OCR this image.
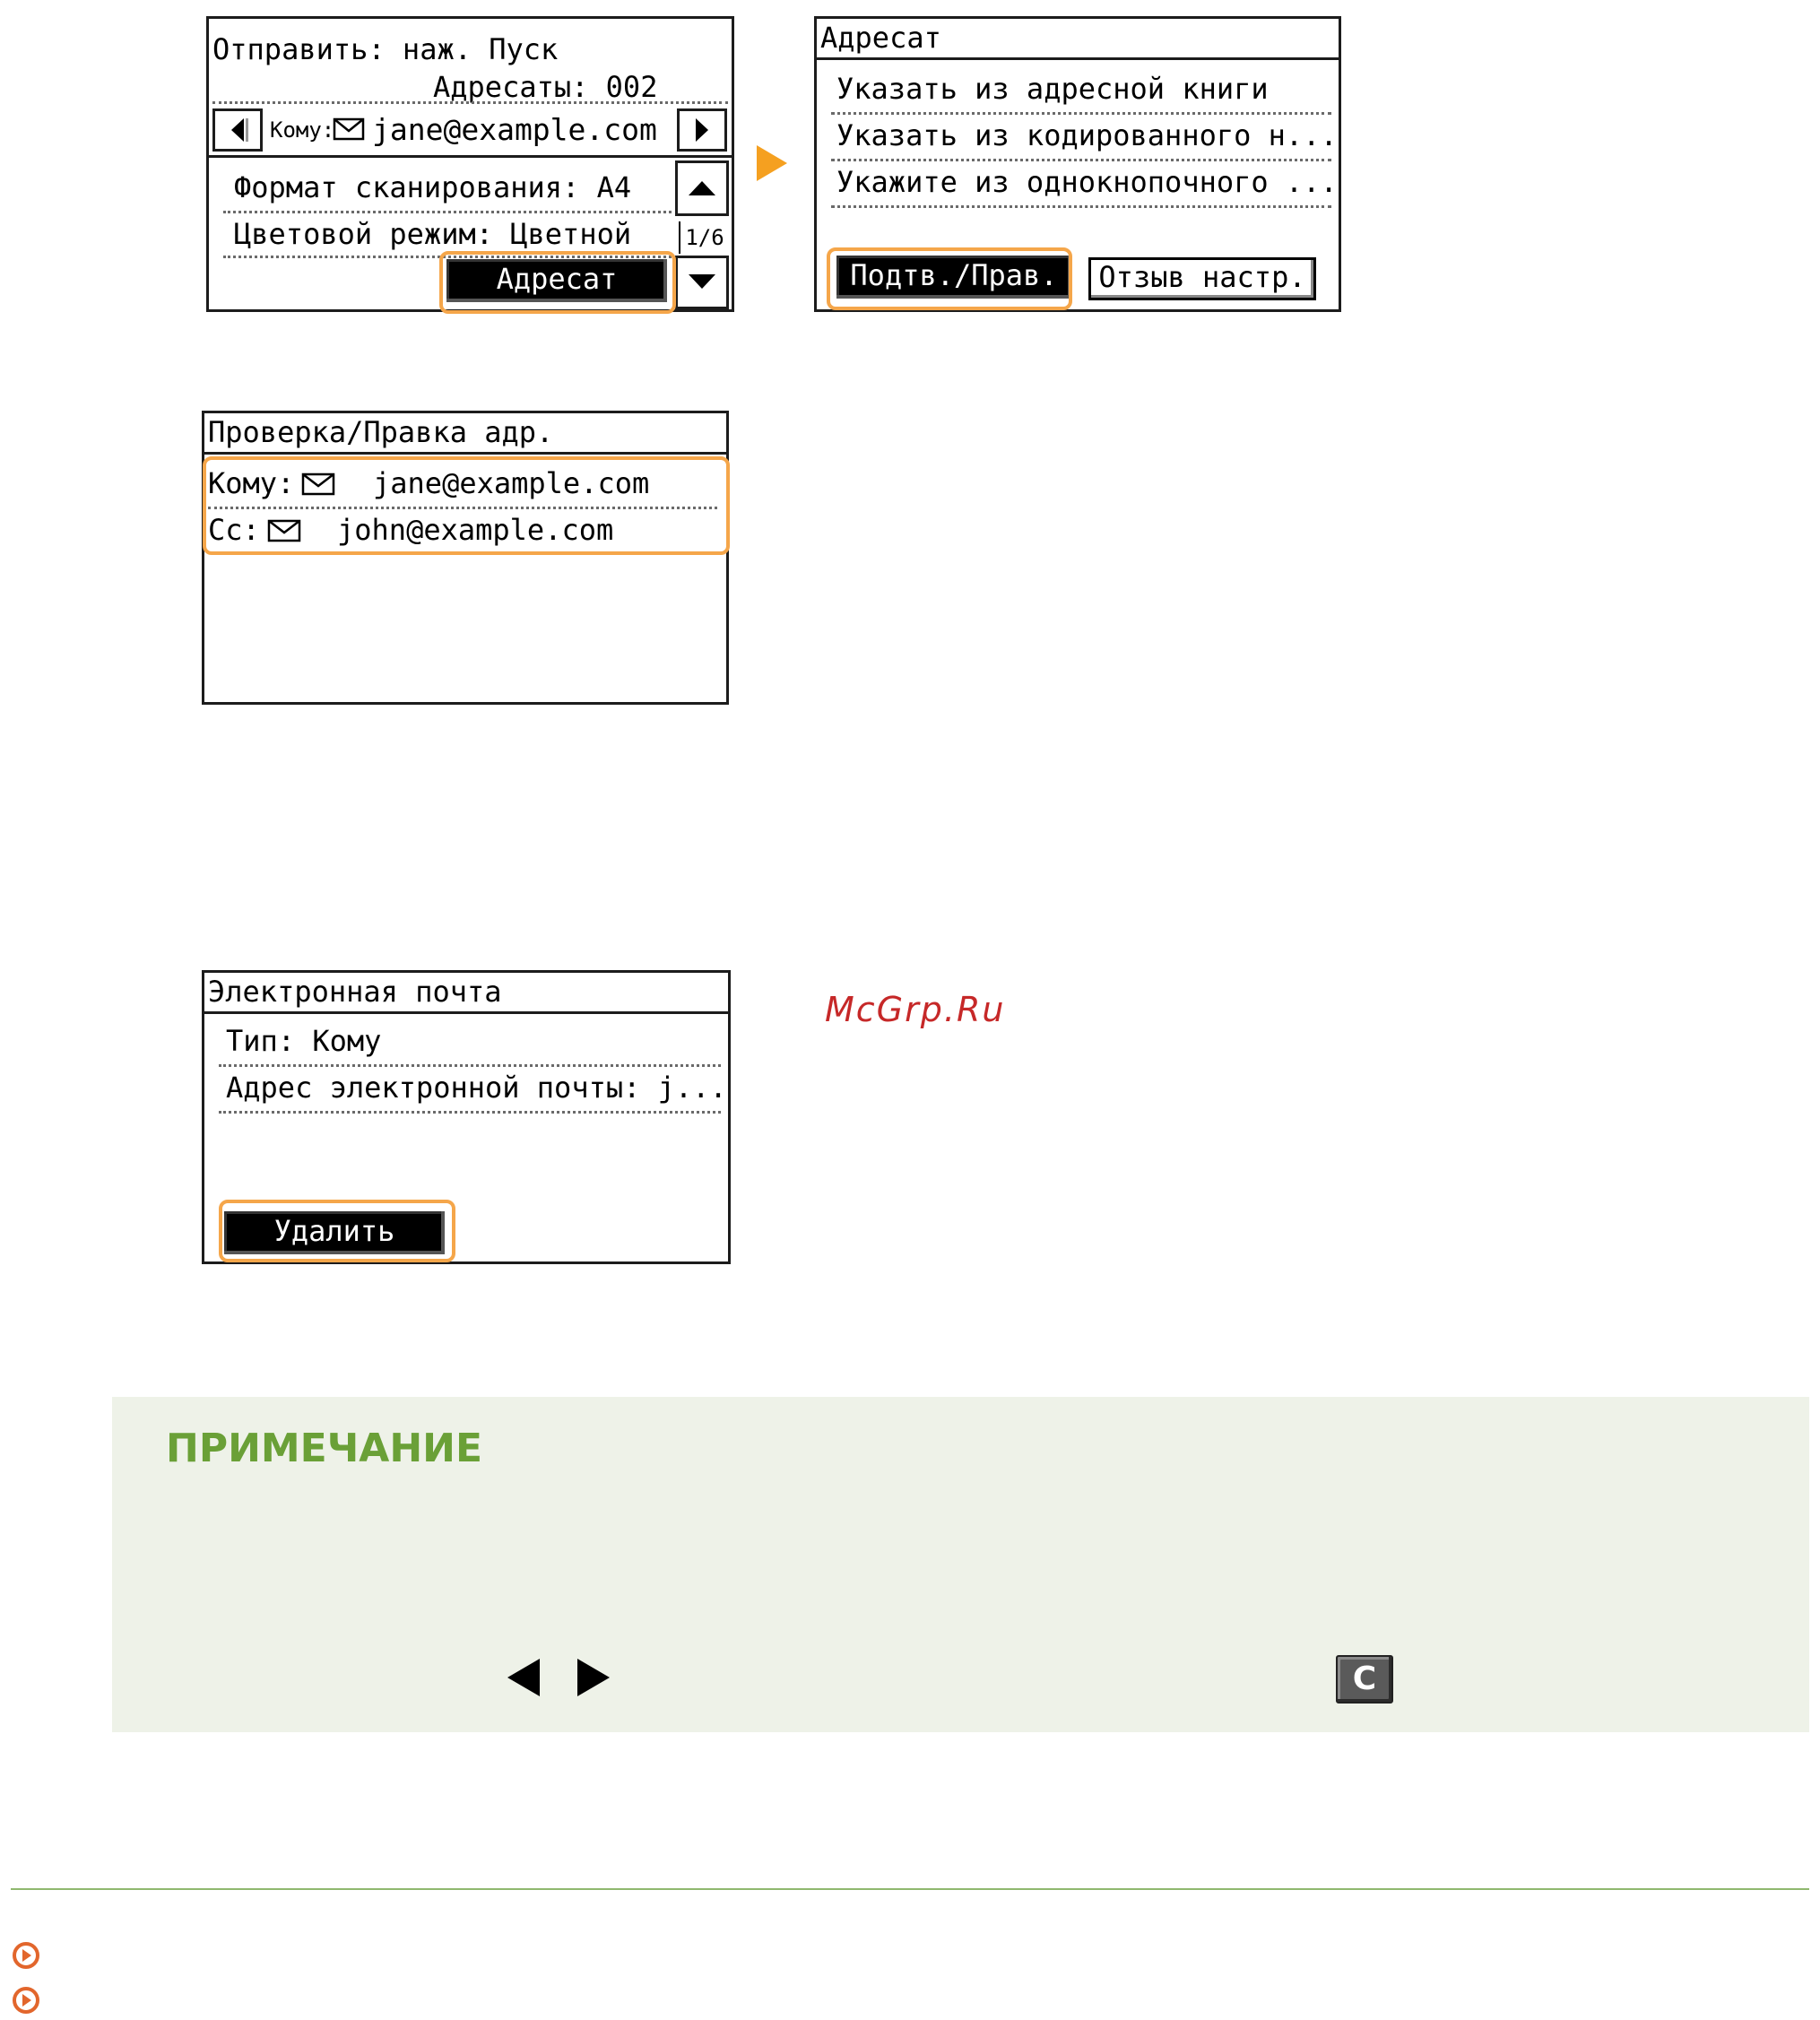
Отправить: наж. Пуск
Адресаты: 002
Кому: jane@example.com
Формат сканирования: A4
Цветовой режим: Цветной	1/6
Адресат
Адресат
Указать из адресной книги
Указать из кодированного н...
Укажите из однокнопочного ...
Подтв./Прав.	Отзыв настр.
Проверка/Правка адр.
Кому:	jane@example.com
Cc:	john@example.com
Электронная почта
Тип: Кому
Адрес электронной почты: j...
Удалить
McGrp.Ru
ПРИМЕЧАНИЕ
C
